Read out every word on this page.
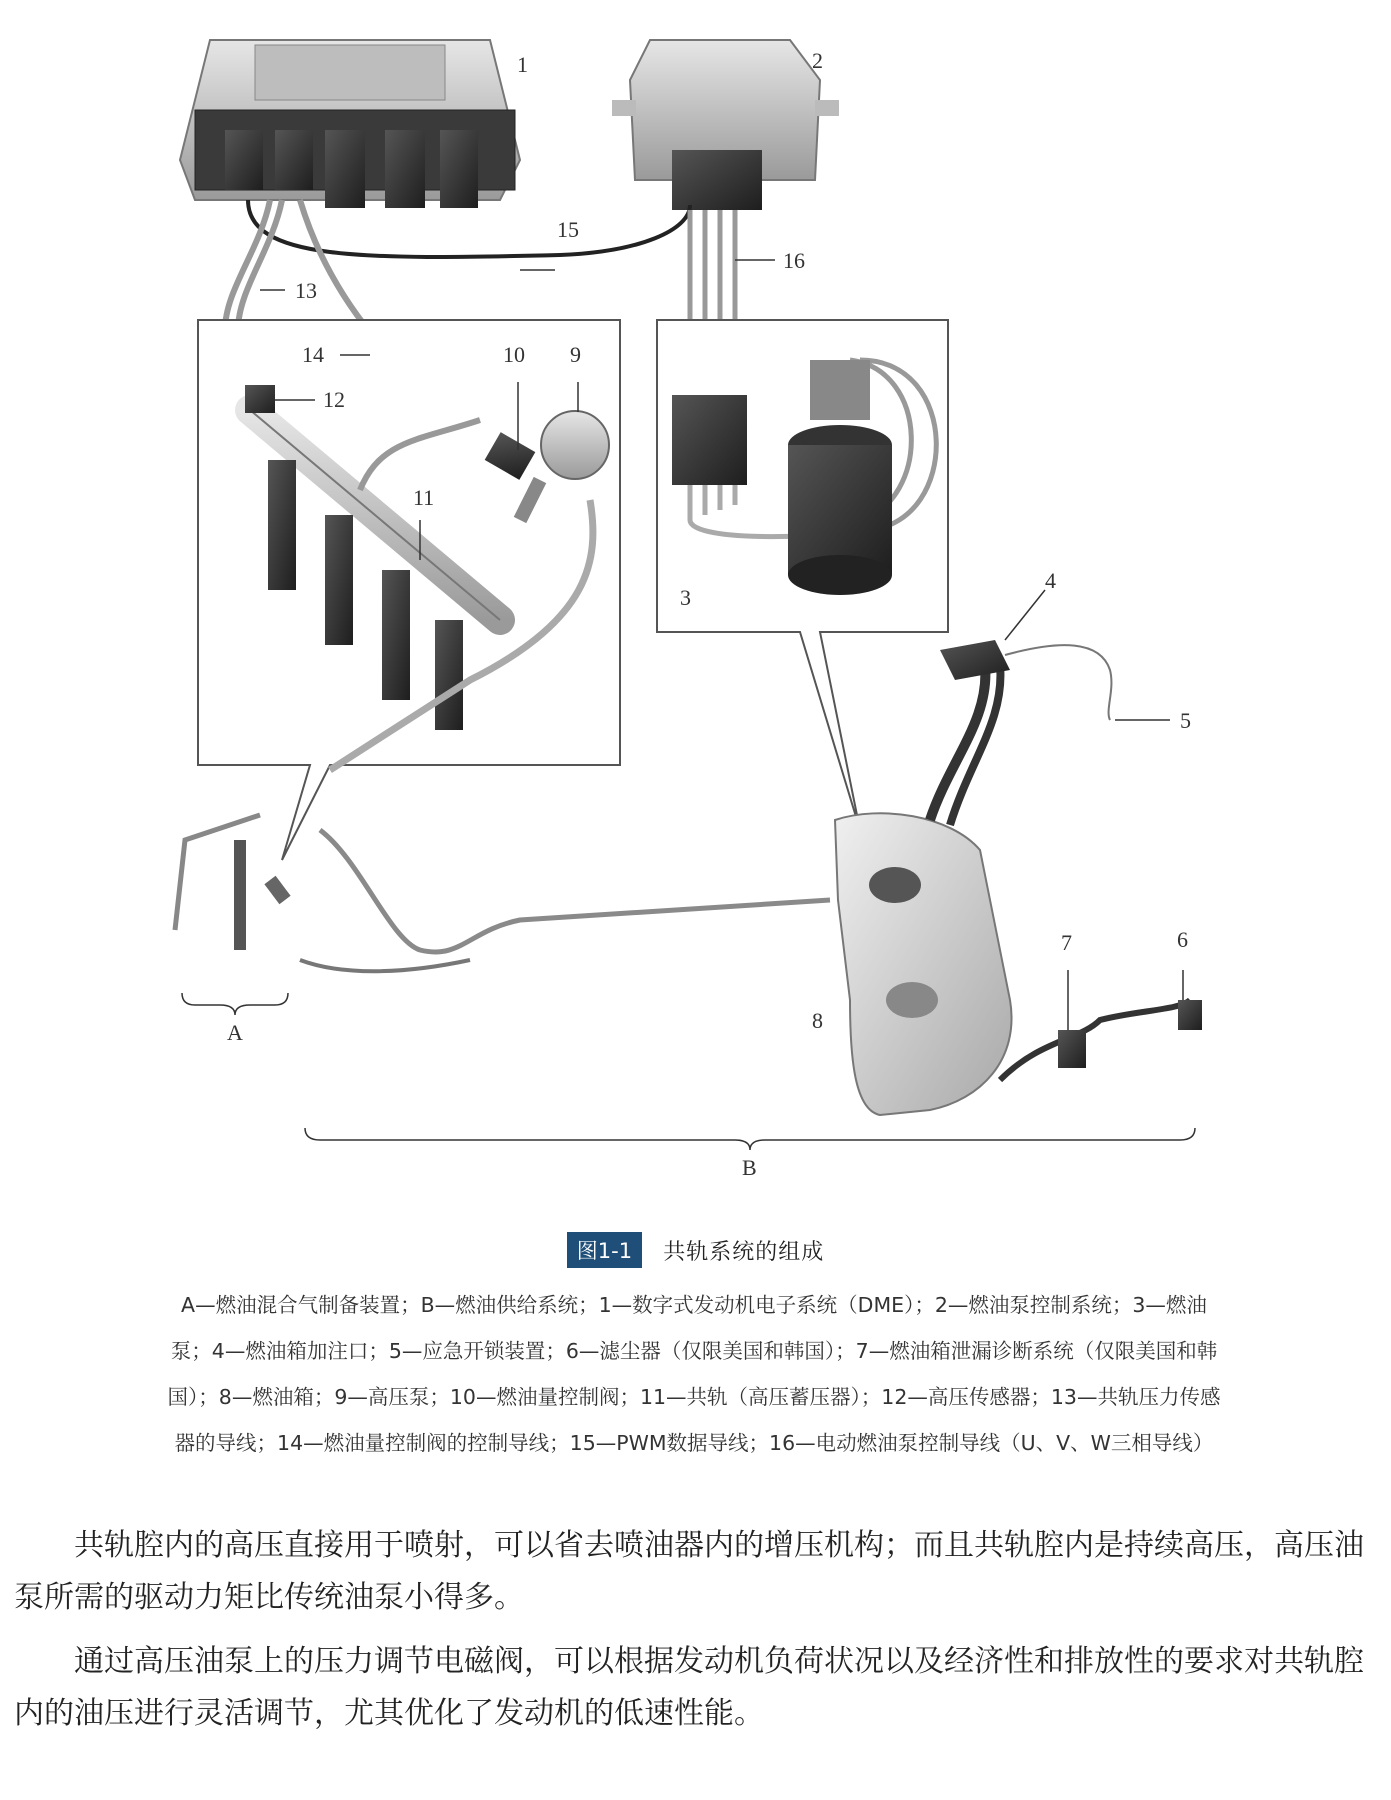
1	2
3
4
5
6
7
8
9
10
11
12
13
14
15
16
A
B
图1-1 共轨系统的组成

A—燃油混合气制备装置；B—燃油供给系统；1—数字式发动机电子系统（DME）；2—燃油泵控制系统；3—燃油

泵；4—燃油箱加注口；5—应急开锁装置；6—滤尘器（仅限美国和韩国）；7—燃油箱泄漏诊断系统（仅限美国和韩

国）；8—燃油箱；9—高压泵；10—燃油量控制阀；11—共轨（高压蓄压器）；12—高压传感器；13—共轨压力传感

器的导线；14—燃油量控制阀的控制导线；15—PWM数据导线；16—电动燃油泵控制导线（U、V、W三相导线）

共轨腔内的高压直接用于喷射，可以省去喷油器内的增压机构；而且共轨腔内是持续高压，高压油泵所需的驱动力矩比传统油泵小得多。

通过高压油泵上的压力调节电磁阀，可以根据发动机负荷状况以及经济性和排放性的要求对共轨腔内的油压进行灵活调节，尤其优化了发动机的低速性能。
